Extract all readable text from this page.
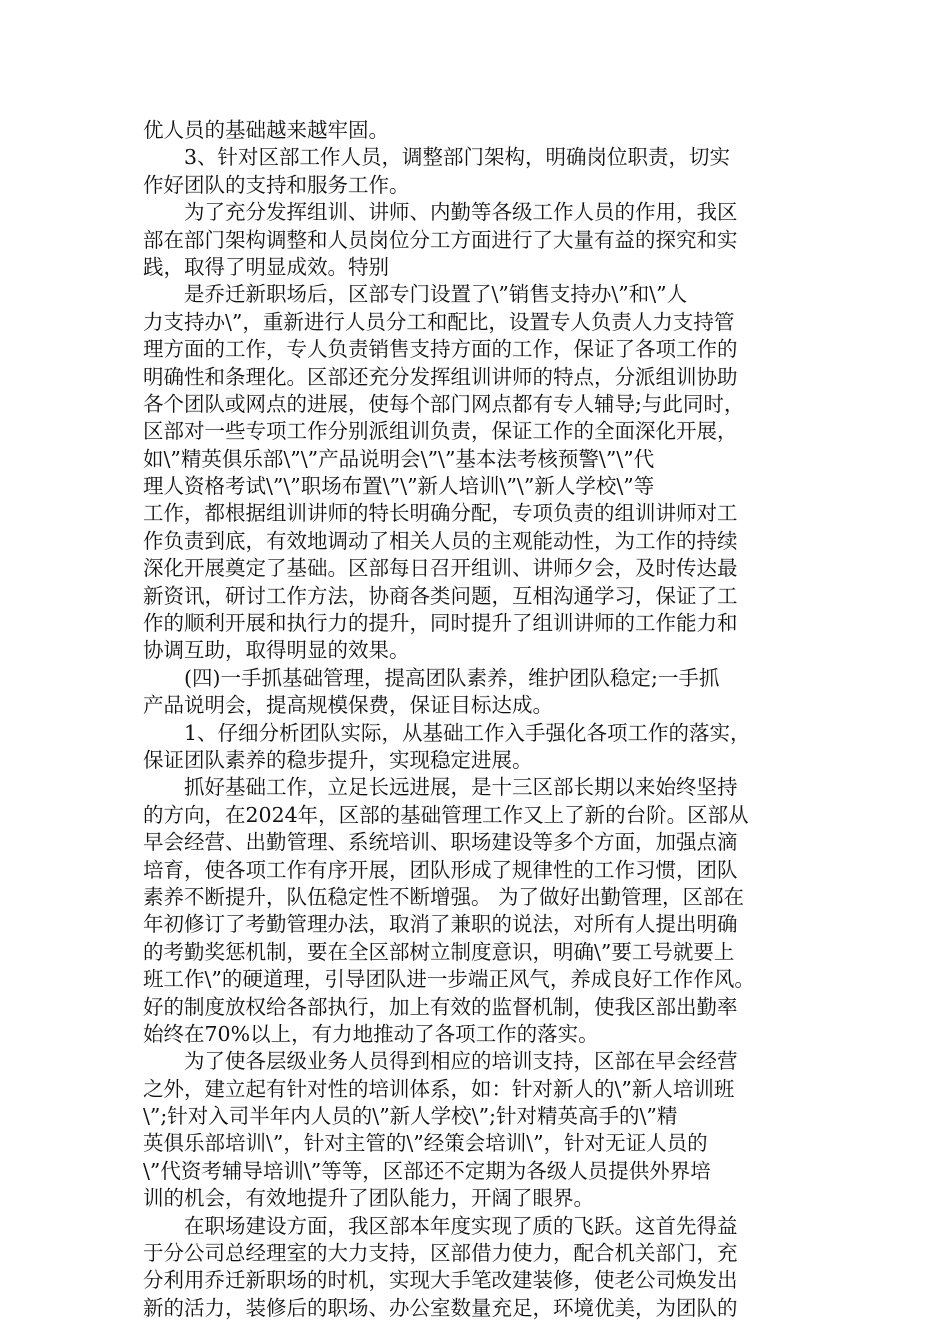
优人员的基础越来越牢固。
　　3、针对区部工作人员，调整部门架构，明确岗位职责，切实
作好团队的支持和服务工作。
　　为了充分发挥组训、讲师、内勤等各级工作人员的作用，我区
部在部门架构调整和人员岗位分工方面进行了大量有益的探究和实
践，取得了明显成效。特别
　　是乔迁新职场后，区部专门设置了\”销售支持办\”和\”人
力支持办\”，重新进行人员分工和配比，设置专人负责人力支持管
理方面的工作，专人负责销售支持方面的工作，保证了各项工作的
明确性和条理化。区部还充分发挥组训讲师的特点，分派组训协助
各个团队或网点的进展，使每个部门网点都有专人辅导;与此同时，
区部对一些专项工作分别派组训负责，保证工作的全面深化开展，
如\”精英俱乐部\”\”产品说明会\”\”基本法考核预警\”\”代
理人资格考试\”\”职场布置\”\”新人培训\”\”新人学校\”等
工作，都根据组训讲师的特长明确分配，专项负责的组训讲师对工
作负责到底，有效地调动了相关人员的主观能动性，为工作的持续
深化开展奠定了基础。区部每日召开组训、讲师夕会，及时传达最
新资讯，研讨工作方法，协商各类问题，互相沟通学习，保证了工
作的顺利开展和执行力的提升，同时提升了组训讲师的工作能力和
协调互助，取得明显的效果。
　　(四)一手抓基础管理，提高团队素养，维护团队稳定;一手抓
产品说明会，提高规模保费，保证目标达成。
　　1、仔细分析团队实际，从基础工作入手强化各项工作的落实，
保证团队素养的稳步提升，实现稳定进展。
　　抓好基础工作，立足长远进展，是十三区部长期以来始终坚持
的方向，在2024年，区部的基础管理工作又上了新的台阶。区部从
早会经营、出勤管理、系统培训、职场建设等多个方面，加强点滴
培育，使各项工作有序开展，团队形成了规律性的工作习惯，团队
素养不断提升，队伍稳定性不断增强。 为了做好出勤管理，区部在
年初修订了考勤管理办法，取消了兼职的说法，对所有人提出明确
的考勤奖惩机制，要在全区部树立制度意识，明确\”要工号就要上
班工作\”的硬道理，引导团队进一步端正风气，养成良好工作作风。
好的制度放权给各部执行，加上有效的监督机制，使我区部出勤率
始终在70%以上，有力地推动了各项工作的落实。
　　为了使各层级业务人员得到相应的培训支持，区部在早会经营
之外，建立起有针对性的培训体系，如：针对新人的\”新人培训班
\”;针对入司半年内人员的\”新人学校\”;针对精英高手的\”精
英俱乐部培训\”，针对主管的\”经策会培训\”，针对无证人员的
\”代资考辅导培训\”等等，区部还不定期为各级人员提供外界培
训的机会，有效地提升了团队能力，开阔了眼界。
　　在职场建设方面，我区部本年度实现了质的飞跃。这首先得益
于分公司总经理室的大力支持，区部借力使力，配合机关部门，充
分利用乔迁新职场的时机，实现大手笔改建装修，使老公司焕发出
新的活力，装修后的职场、办公室数量充足，环境优美，为团队的
